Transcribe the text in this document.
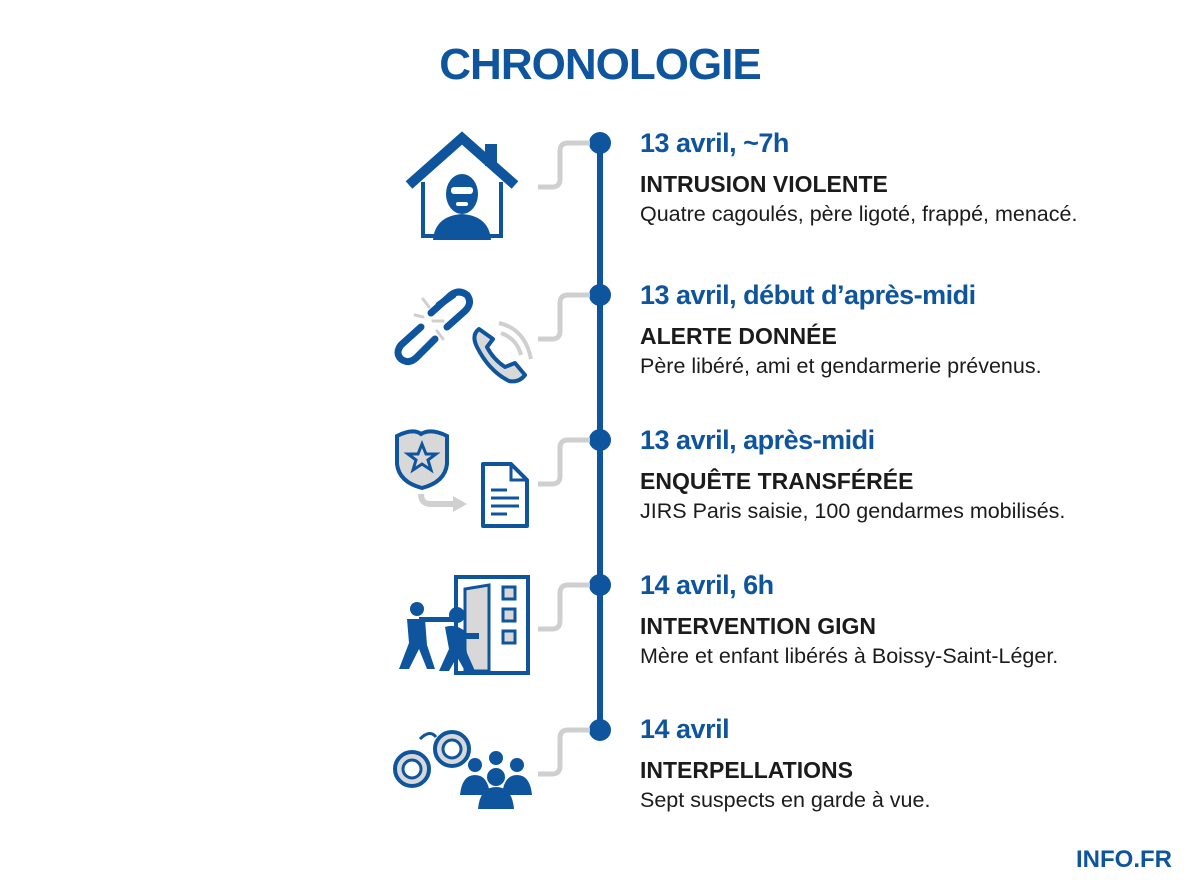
CHRONOLOGIE
13 avril, ~7h
INTRUSION VIOLENTE
Quatre cagoulés, père ligoté, frappé, menacé.
13 avril, début d’après-midi
ALERTE DONNÉE
Père libéré, ami et gendarmerie prévenus.
13 avril, après-midi
ENQUÊTE TRANSFÉRÉE
JIRS Paris saisie, 100 gendarmes mobilisés.
14 avril, 6h
INTERVENTION GIGN
Mère et enfant libérés à Boissy-Saint-Léger.
14 avril
INTERPELLATIONS
Sept suspects en garde à vue.
INFO.FR
